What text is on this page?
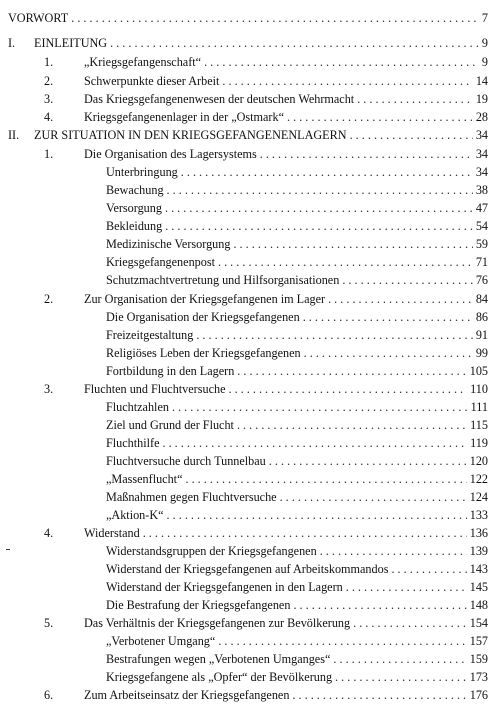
VORWORT . . .	7
I. EINLEITUNG . . .	9
1.	„Kriegsgefangenschaft“ . . .	9
2.	Schwerpunkte dieser Arbeit . . .	14
3.	Das Kriegsgefangenenwesen der deutschen Wehrmacht . . .	19
4.	Kriegsgefangenenlager in der „Ostmark“ . . .	28
II. ZUR SITUATION IN DEN KRIEGSGEFANGENENLAGERN . . .	34
1.	Die Organisation des Lagersystems . . .	34
Unterbringung . . .	34
Bewachung . . .	38
Versorgung . . .	47
Bekleidung . . .	54
Medizinische Versorgung . . .	59
Kriegsgefangenenpost . . .	71
Schutzmachtvertretung und Hilfsorganisationen . . .	76
2.	Zur Organisation der Kriegsgefangenen im Lager . . .	84
Die Organisation der Kriegsgefangenen . . .	86
Freizeitgestaltung . . .	91
Religiöses Leben der Kriegsgefangenen . . .	99
Fortbildung in den Lagern . . .	105
3.	Fluchten und Fluchtversuche . . .	110
Fluchtzahlen . . .	111
Ziel und Grund der Flucht . . .	115
Fluchthilfe . . .	119
Fluchtversuche durch Tunnelbau . . .	120
„Massenflucht“ . . .	122
Maßnahmen gegen Fluchtversuche . . .	124
„Aktion-K“ . . .	133
4.	Widerstand . . .	136
Widerstandsgruppen der Kriegsgefangenen . . .	139
Widerstand der Kriegsgefangenen auf Arbeitskommandos . . .	143
Widerstand der Kriegsgefangenen in den Lagern . . .	145
Die Bestrafung der Kriegsgefangenen . . .	148
5.	Das Verhältnis der Kriegsgefangenen zur Bevölkerung . . .	154
„Verbotener Umgang“ . . .	157
Bestrafungen wegen „Verbotenen Umganges“ . . .	159
Kriegsgefangene als „Opfer“ der Bevölkerung . . .	173
6.	Zum Arbeitseinsatz der Kriegsgefangenen . . .	176
